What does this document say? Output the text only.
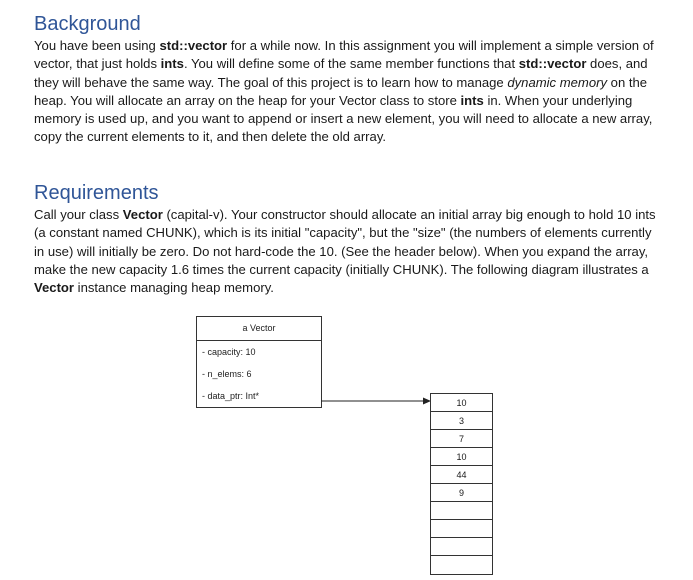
Background

You have been using std::vector for a while now. In this assignment you will implement a simple version of vector, that just holds ints. You will define some of the same member functions that std::vector does, and they will behave the same way. The goal of this project is to learn how to manage dynamic memory on the heap. You will allocate an array on the heap for your Vector class to store ints in. When your underlying memory is used up, and you want to append or insert a new element, you will need to allocate a new array, copy the current elements to it, and then delete the old array.

Requirements

Call your class Vector (capital-v). Your constructor should allocate an initial array big enough to hold 10 ints (a constant named CHUNK), which is its initial "capacity", but the "size" (the numbers of elements currently in use) will initially be zero. Do not hard-code the 10. (See the header below). When you expand the array, make the new capacity 1.6 times the current capacity (initially CHUNK). The following diagram illustrates a Vector instance managing heap memory.

a Vector
- capacity: 10
- n_elems: 6
- data_ptr: Int*
10
3
7
10
44
9
